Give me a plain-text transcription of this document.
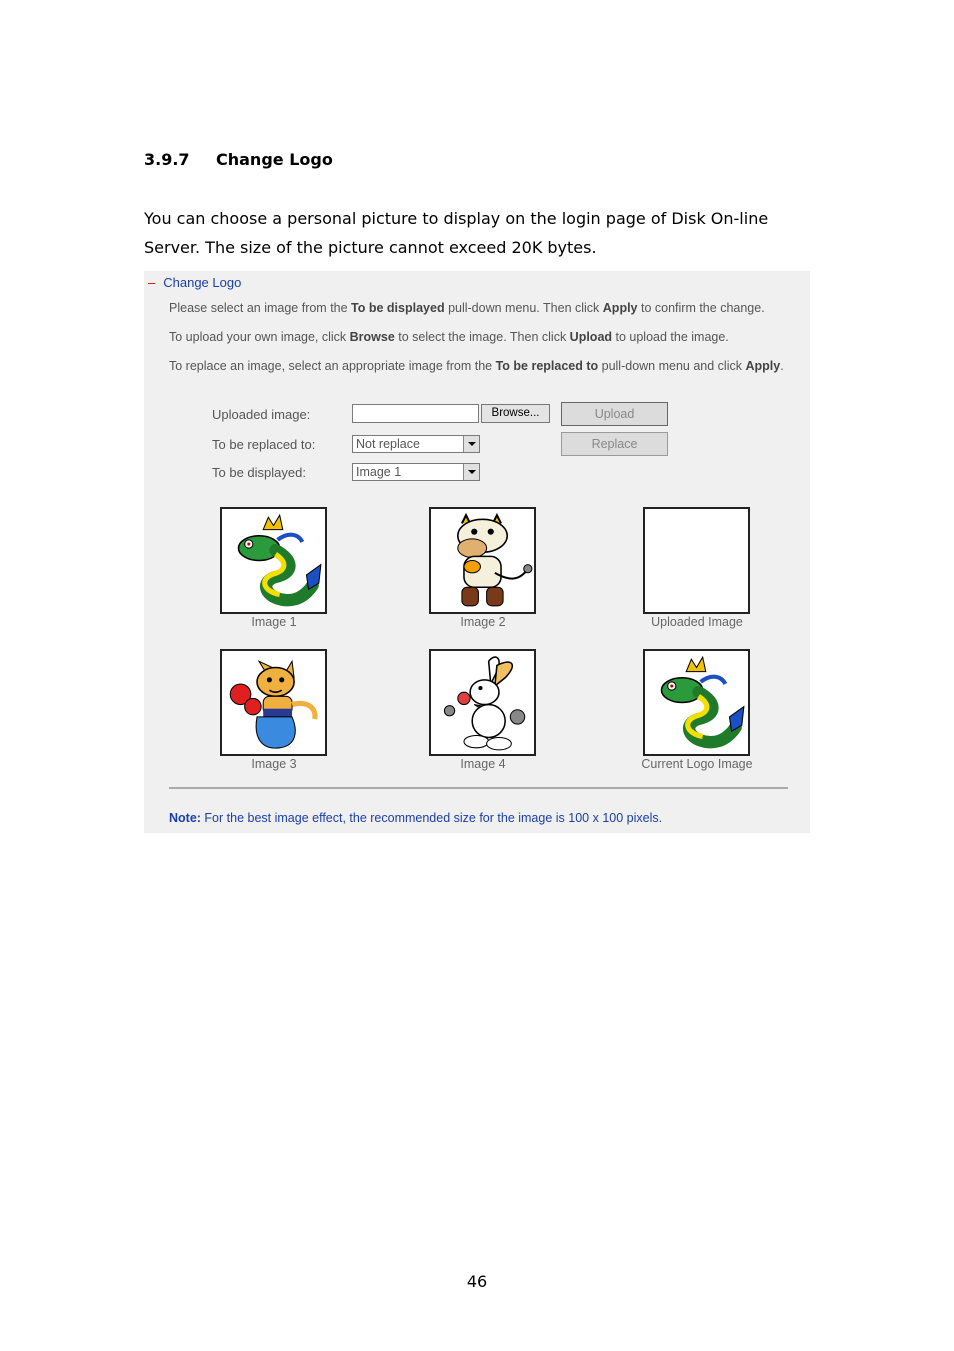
3.9.7 Change Logo
You can choose a personal picture to display on the login page of Disk On-line Server. The size of the picture cannot exceed 20K bytes.
– Change Logo
Please select an image from the To be displayed pull-down menu. Then click Apply to confirm the change.
To upload your own image, click Browse to select the image. Then click Upload to upload the image.
To replace an image, select an appropriate image from the To be replaced to pull-down menu and click Apply.
Uploaded image:	Browse...	Upload
To be replaced to:	Not replace	Replace
To be displayed:	Image 1
Image 1	Image 2	Uploaded Image
Image 3	Image 4	Current Logo Image
Note: For the best image effect, the recommended size for the image is 100 x 100 pixels.
46
